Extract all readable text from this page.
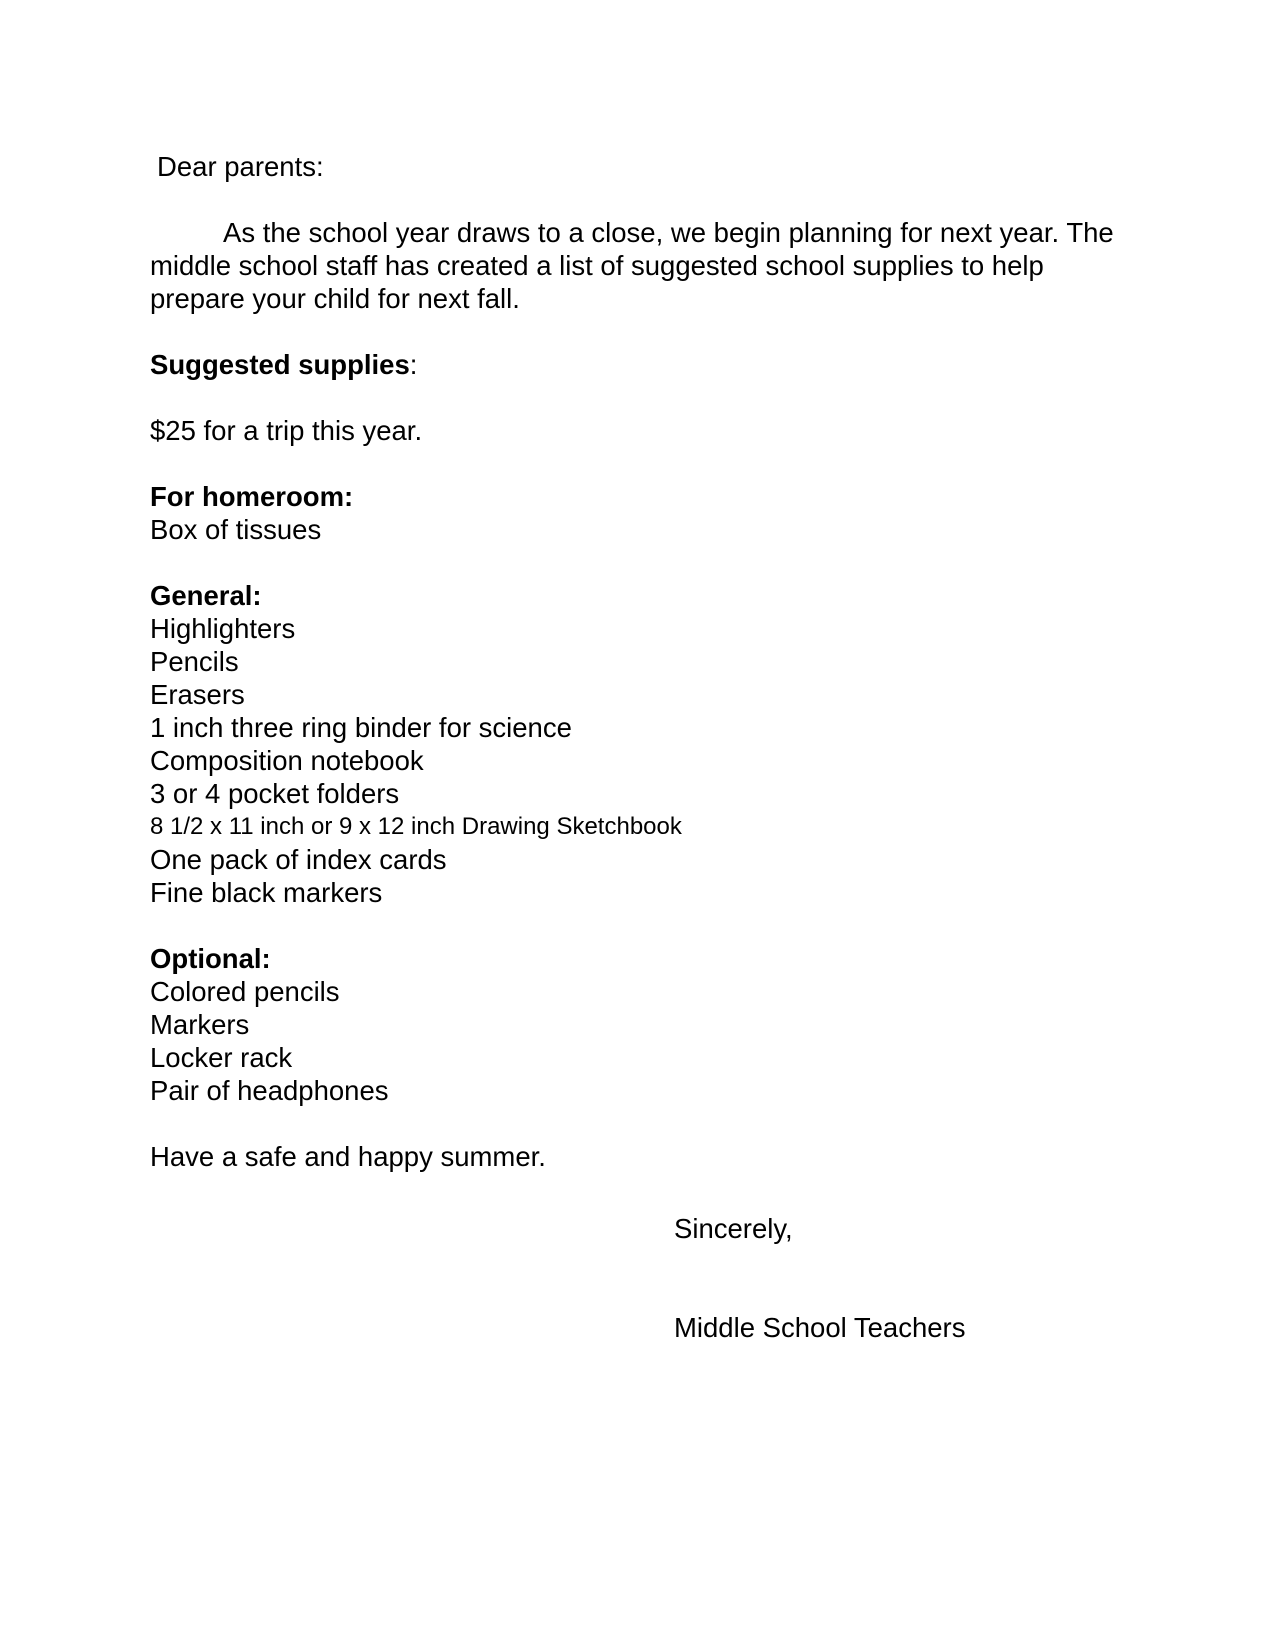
Dear parents:

As the school year draws to a close, we begin planning for next year. The middle school staff has created a list of suggested school supplies to help prepare your child for next fall.

Suggested supplies:

$25 for a trip this year.

For homeroom:
Box of tissues
General:
Highlighters
Pencils
Erasers
1 inch three ring binder for science
Composition notebook
3 or 4 pocket folders
8 1/2 x 11 inch or 9 x 12 inch Drawing Sketchbook
One pack of index cards
Fine black markers
Optional:
Colored pencils
Markers
Locker rack
Pair of headphones

Have a safe and happy summer.

Sincerely,
Middle School Teachers
